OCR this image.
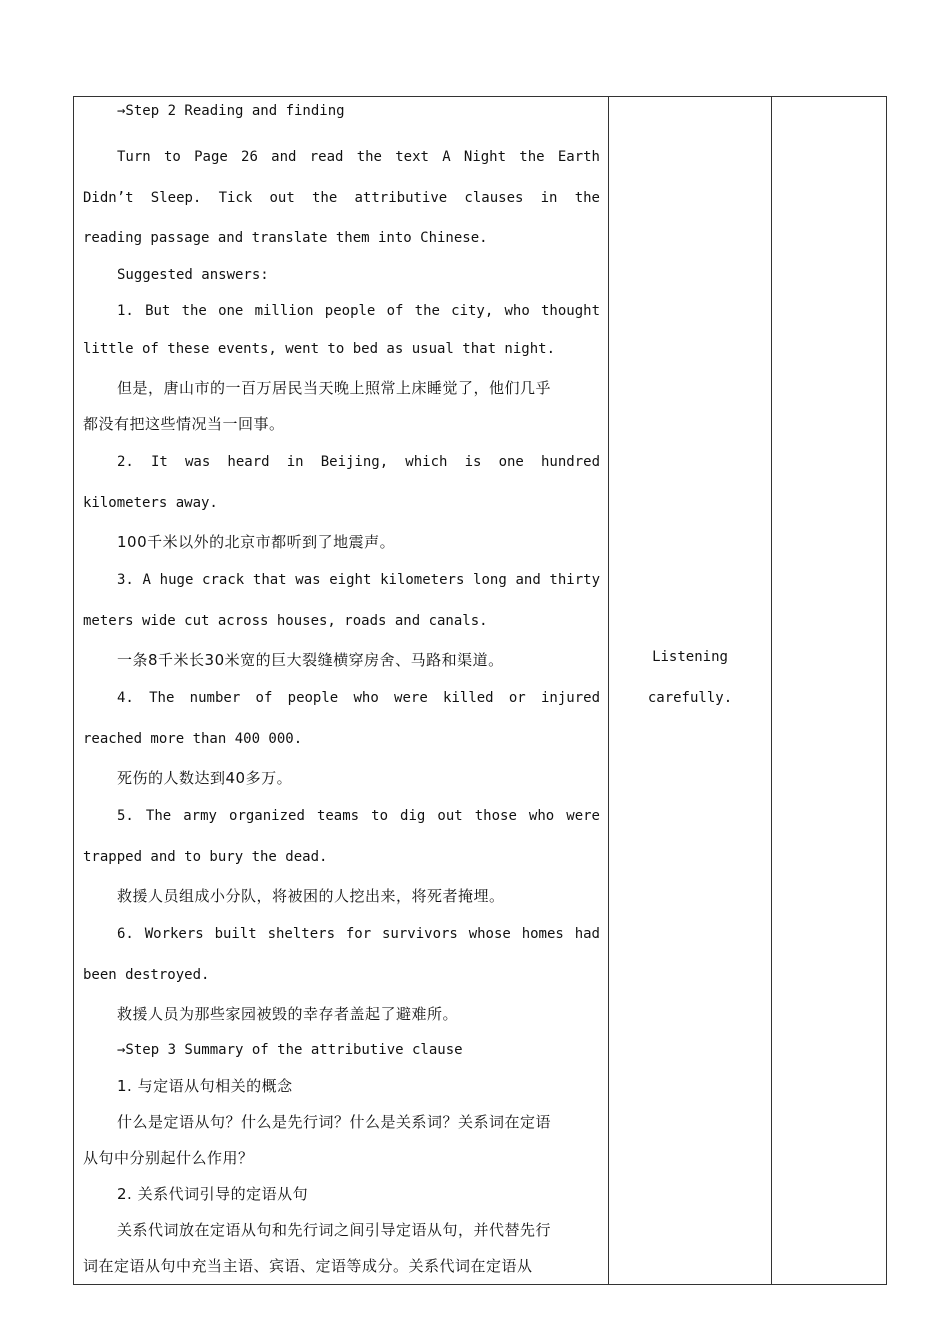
→Step 2 Reading and finding
Turn to Page 26 and read the text A Night the Earth
Didn’t Sleep. Tick out the attributive clauses in the
reading passage and translate them into Chinese.
Suggested answers:
1. But the one million people of the city, who thought
little of these events, went to bed as usual that night.
但是，唐山市的一百万居民当天晚上照常上床睡觉了，他们几乎
都没有把这些情况当一回事。
2. It was heard in Beijing, which is one hundred
kilometers away.
100千米以外的北京市都听到了地震声。
3. A huge crack that was eight kilometers long and thirty
meters wide cut across houses, roads and canals.
一条8千米长30米宽的巨大裂缝横穿房舍、马路和渠道。
4. The number of people who were killed or injured
reached more than 400 000.
死伤的人数达到40多万。
5. The army organized teams to dig out those who were
trapped and to bury the dead.
救援人员组成小分队，将被困的人挖出来，将死者掩埋。
6. Workers built shelters for survivors whose homes had
been destroyed.
救援人员为那些家园被毁的幸存者盖起了避难所。
→Step 3 Summary of the attributive clause
1. 与定语从句相关的概念
什么是定语从句？什么是先行词？什么是关系词？关系词在定语
从句中分别起什么作用？
2. 关系代词引导的定语从句
关系代词放在定语从句和先行词之间引导定语从句，并代替先行
词在定语从句中充当主语、宾语、定语等成分。关系代词在定语从

Listening
carefully.
